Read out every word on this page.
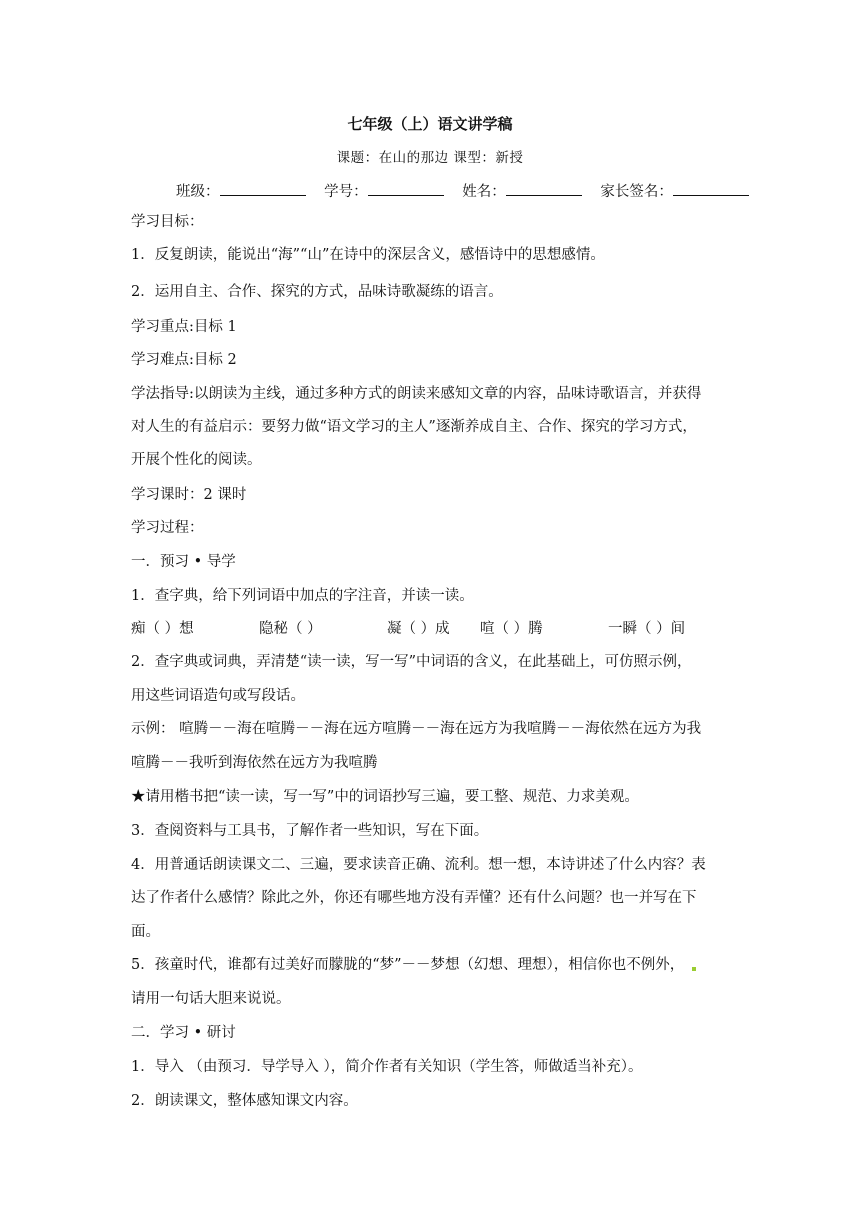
七年级（上）语文讲学稿
课题：在山的那边 课型：新授
班级：	学号：	姓名：	家长签名：
学习目标：
1．反复朗读，能说出“海”“山”在诗中的深层含义，感悟诗中的思想感情。
2．运用自主、合作、探究的方式，品味诗歌凝练的语言。
学习重点:目标 1
学习难点:目标 2
学法指导:以朗读为主线，通过多种方式的朗读来感知文章的内容，品味诗歌语言，并获得
对人生的有益启示：要努力做“语文学习的主人”逐渐养成自主、合作、探究的学习方式，
开展个性化的阅读。
学习课时：2 课时
学习过程：
一．预习 • 导学
1．查字典，给下列词语中加点的字注音，并读一读。
痴（ ）想	隐秘（ ）	凝（ ）成 喧（ ）腾	一瞬（ ）间
2．查字典或词典，弄清楚“读一读，写一写”中词语的含义，在此基础上，可仿照示例，
用这些词语造句或写段话。
示例： 喧腾－－海在喧腾－－海在远方喧腾－－海在远方为我喧腾－－海依然在远方为我
喧腾－－我听到海依然在远方为我喧腾
★请用楷书把“读一读，写一写”中的词语抄写三遍，要工整、规范、力求美观。
3．查阅资料与工具书，了解作者一些知识，写在下面。
4．用普通话朗读课文二、三遍，要求读音正确、流利。想一想，本诗讲述了什么内容？表
达了作者什么感情？除此之外，你还有哪些地方没有弄懂？还有什么问题？也一并写在下
面。
5．孩童时代，谁都有过美好而朦胧的“梦”－－梦想（幻想、理想），相信你也不例外，
请用一句话大胆来说说。
二．学习 • 研讨
1．导入 （由预习．导学导入 ），简介作者有关知识（学生答，师做适当补充）。
2．朗读课文，整体感知课文内容。
